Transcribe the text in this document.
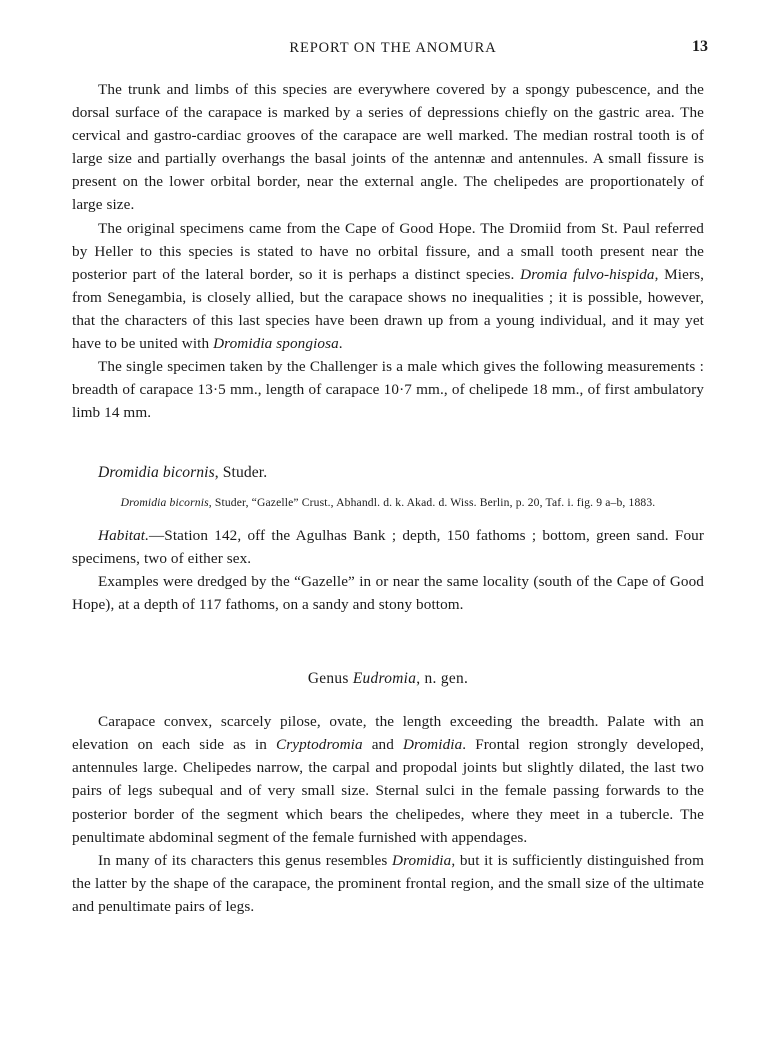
REPORT ON THE ANOMURA	13

The trunk and limbs of this species are everywhere covered by a spongy pubescence, and the dorsal surface of the carapace is marked by a series of depressions chiefly on the gastric area. The cervical and gastro-cardiac grooves of the carapace are well marked. The median rostral tooth is of large size and partially overhangs the basal joints of the antennæ and antennules. A small fissure is present on the lower orbital border, near the external angle. The chelipedes are proportionately of large size.

The original specimens came from the Cape of Good Hope. The Dromiid from St. Paul referred by Heller to this species is stated to have no orbital fissure, and a small tooth present near the posterior part of the lateral border, so it is perhaps a distinct species. Dromia fulvo-hispida, Miers, from Senegambia, is closely allied, but the carapace shows no inequalities ; it is possible, however, that the characters of this last species have been drawn up from a young individual, and it may yet have to be united with Dromidia spongiosa.

The single specimen taken by the Challenger is a male which gives the following measurements : breadth of carapace 13·5 mm., length of carapace 10·7 mm., of chelipede 18 mm., of first ambulatory limb 14 mm.

Dromidia bicornis, Studer.
Dromidia bicornis, Studer, “Gazelle” Crust., Abhandl. d. k. Akad. d. Wiss. Berlin, p. 20, Taf. i. fig. 9 a–b, 1883.

Habitat.—Station 142, off the Agulhas Bank ; depth, 150 fathoms ; bottom, green sand. Four specimens, two of either sex.

Examples were dredged by the “Gazelle” in or near the same locality (south of the Cape of Good Hope), at a depth of 117 fathoms, on a sandy and stony bottom.

Genus Eudromia, n. gen.

Carapace convex, scarcely pilose, ovate, the length exceeding the breadth. Palate with an elevation on each side as in Cryptodromia and Dromidia. Frontal region strongly developed, antennules large. Chelipedes narrow, the carpal and propodal joints but slightly dilated, the last two pairs of legs subequal and of very small size. Sternal sulci in the female passing forwards to the posterior border of the segment which bears the chelipedes, where they meet in a tubercle. The penultimate abdominal segment of the female furnished with appendages.

In many of its characters this genus resembles Dromidia, but it is sufficiently distinguished from the latter by the shape of the carapace, the prominent frontal region, and the small size of the ultimate and penultimate pairs of legs.
